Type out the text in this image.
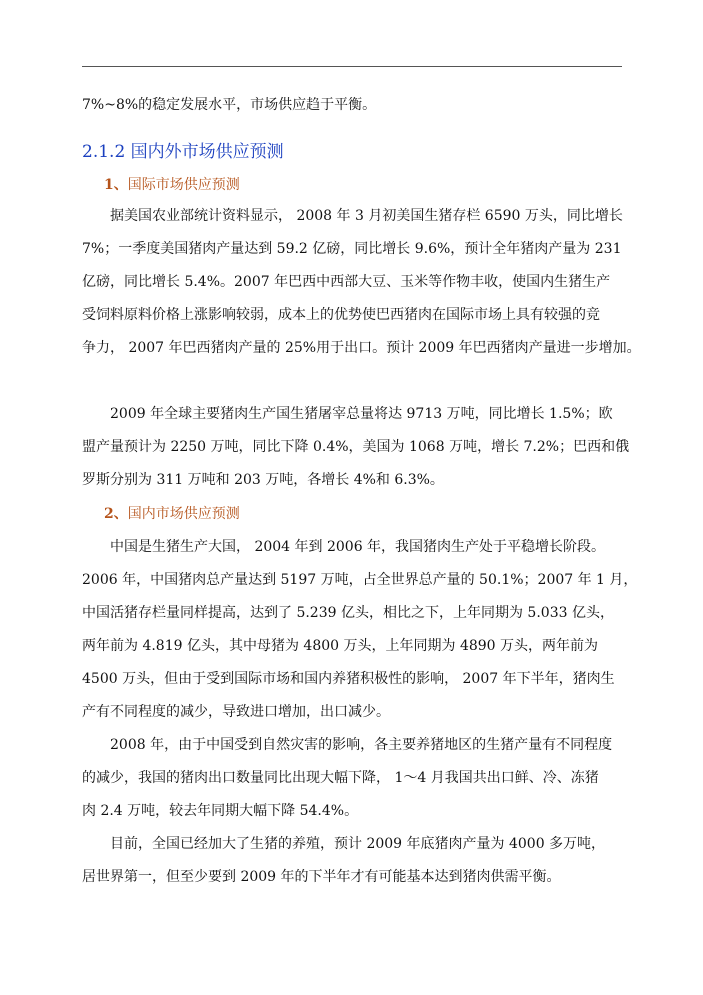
7%~8%的稳定发展水平，市场供应趋于平衡。
2.1.2 国内外市场供应预测
1、国际市场供应预测
据美国农业部统计资料显示， 2008 年 3 月初美国生猪存栏 6590 万头，同比增长
7%；一季度美国猪肉产量达到 59.2 亿磅，同比增长 9.6%，预计全年猪肉产量为 231
亿磅，同比增长 5.4%。2007 年巴西中西部大豆、玉米等作物丰收，使国内生猪生产
受饲料原料价格上涨影响较弱，成本上的优势使巴西猪肉在国际市场上具有较强的竞
争力， 2007 年巴西猪肉产量的 25%用于出口。预计 2009 年巴西猪肉产量进一步增加。
2009 年全球主要猪肉生产国生猪屠宰总量将达 9713 万吨，同比增长 1.5%；欧
盟产量预计为 2250 万吨，同比下降 0.4%，美国为 1068 万吨，增长 7.2%；巴西和俄
罗斯分别为 311 万吨和 203 万吨，各增长 4%和 6.3%。
2、国内市场供应预测
中国是生猪生产大国， 2004 年到 2006 年，我国猪肉生产处于平稳增长阶段。
2006 年，中国猪肉总产量达到 5197 万吨，占全世界总产量的 50.1%；2007 年 1 月，
中国活猪存栏量同样提高，达到了 5.239 亿头，相比之下，上年同期为 5.033 亿头，
两年前为 4.819 亿头，其中母猪为 4800 万头，上年同期为 4890 万头，两年前为
4500 万头，但由于受到国际市场和国内养猪积极性的影响， 2007 年下半年，猪肉生
产有不同程度的减少，导致进口增加，出口减少。
2008 年，由于中国受到自然灾害的影响，各主要养猪地区的生猪产量有不同程度
的减少，我国的猪肉出口数量同比出现大幅下降， 1～4 月我国共出口鲜、冷、冻猪
肉 2.4 万吨，较去年同期大幅下降 54.4%。
目前，全国已经加大了生猪的养殖，预计 2009 年底猪肉产量为 4000 多万吨，
居世界第一，但至少要到 2009 年的下半年才有可能基本达到猪肉供需平衡。
